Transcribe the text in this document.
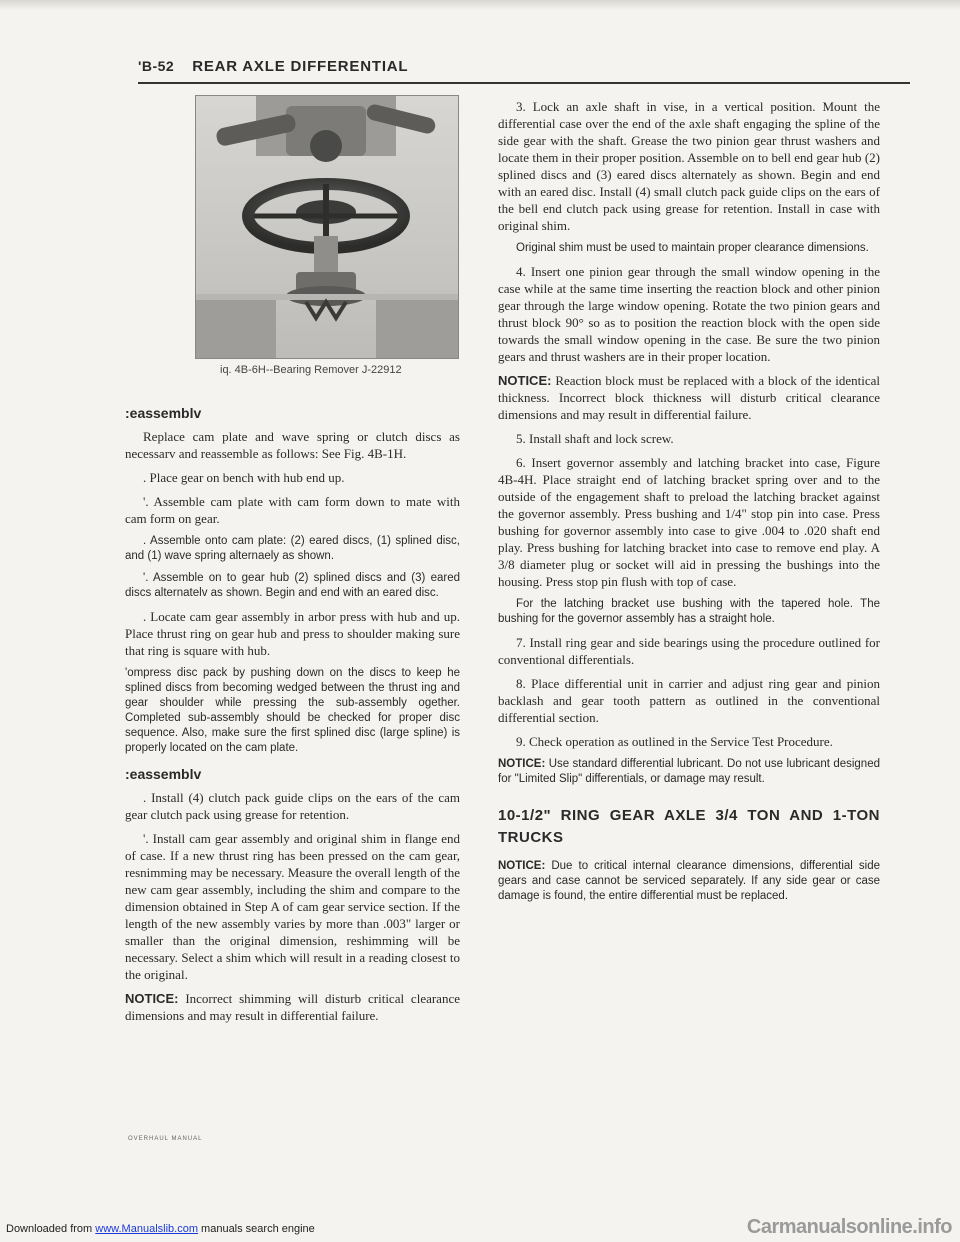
'B-52 REAR AXLE DIFFERENTIAL
iq. 4B-6H--Bearing Remover J-22912
:eassemblv

Replace cam plate and wave spring or clutch discs as necessarv and reassemble as follows: See Fig. 4B-1H.

. Place gear on bench with hub end up.

'. Assemble cam plate with cam form down to mate with cam form on gear.

. Assemble onto cam plate: (2) eared discs, (1) splined disc, and (1) wave spring alternaely as shown.

'. Assemble on to gear hub (2) splined discs and (3) eared discs alternatelv as shown. Begin and end with an eared disc.

. Locate cam gear assembly in arbor press with hub and up. Place thrust ring on gear hub and press to shoulder making sure that ring is square with hub.

'ompress disc pack by pushing down on the discs to keep he splined discs from becoming wedged between the thrust ing and gear shoulder while pressing the sub-assembly ogether. Completed sub-assembly should be checked for proper disc sequence. Also, make sure the first splined disc (large spline) is properly located on the cam plate.

:eassemblv

. Install (4) clutch pack guide clips on the ears of the cam gear clutch pack using grease for retention.

'. Install cam gear assembly and original shim in flange end of case. If a new thrust ring has been pressed on the cam gear, resnimming may be necessary. Measure the overall length of the new cam gear assembly, including the shim and compare to the dimension obtained in Step A of cam gear service section. If the length of the new assembly varies by more than .003" larger or smaller than the original dimension, reshimming will be necessary. Select a shim which will result in a reading closest to the original.

NOTICE: Incorrect shimming will disturb critical clearance dimensions and may result in differential failure.

3. Lock an axle shaft in vise, in a vertical position. Mount the differential case over the end of the axle shaft engaging the spline of the side gear with the shaft. Grease the two pinion gear thrust washers and locate them in their proper position. Assemble on to bell end gear hub (2) splined discs and (3) eared discs alternately as shown. Begin and end with an eared disc. Install (4) small clutch pack guide clips on the ears of the bell end clutch pack using grease for retention. Install in case with original shim.

Original shim must be used to maintain proper clearance dimensions.

4. Insert one pinion gear through the small window opening in the case while at the same time inserting the reaction block and other pinion gear through the large window opening. Rotate the two pinion gears and thrust block 90° so as to position the reaction block with the open side towards the small window opening in the case. Be sure the two pinion gears and thrust washers are in their proper location.

NOTICE: Reaction block must be replaced with a block of the identical thickness. Incorrect block thickness will disturb critical clearance dimensions and may result in differential failure.

5. Install shaft and lock screw.

6. Insert governor assembly and latching bracket into case, Figure 4B-4H. Place straight end of latching bracket spring over and to the outside of the engagement shaft to preload the latching bracket against the governor assembly. Press bushing and 1/4" stop pin into case. Press bushing for governor assembly into case to give .004 to .020 shaft end play. Press bushing for latching bracket into case to remove end play. A 3/8 diameter plug or socket will aid in pressing the bushings into the housing. Press stop pin flush with top of case.

For the latching bracket use bushing with the tapered hole. The bushing for the governor assembly has a straight hole.

7. Install ring gear and side bearings using the procedure outlined for conventional differentials.

8. Place differential unit in carrier and adjust ring gear and pinion backlash and gear tooth pattern as outlined in the conventional differential section.

9. Check operation as outlined in the Service Test Procedure.

NOTICE: Use standard differential lubricant. Do not use lubricant designed for "Limited Slip" differentials, or damage may result.

10-1/2" RING GEAR AXLE 3/4 TON AND 1-TON TRUCKS

NOTICE: Due to critical internal clearance dimensions, differential side gears and case cannot be serviced separately. If any side gear or case damage is found, the entire differential must be replaced.

OVERHAUL MANUAL
Downloaded from www.Manualslib.com manuals search engine	Carmanualsonline.info
